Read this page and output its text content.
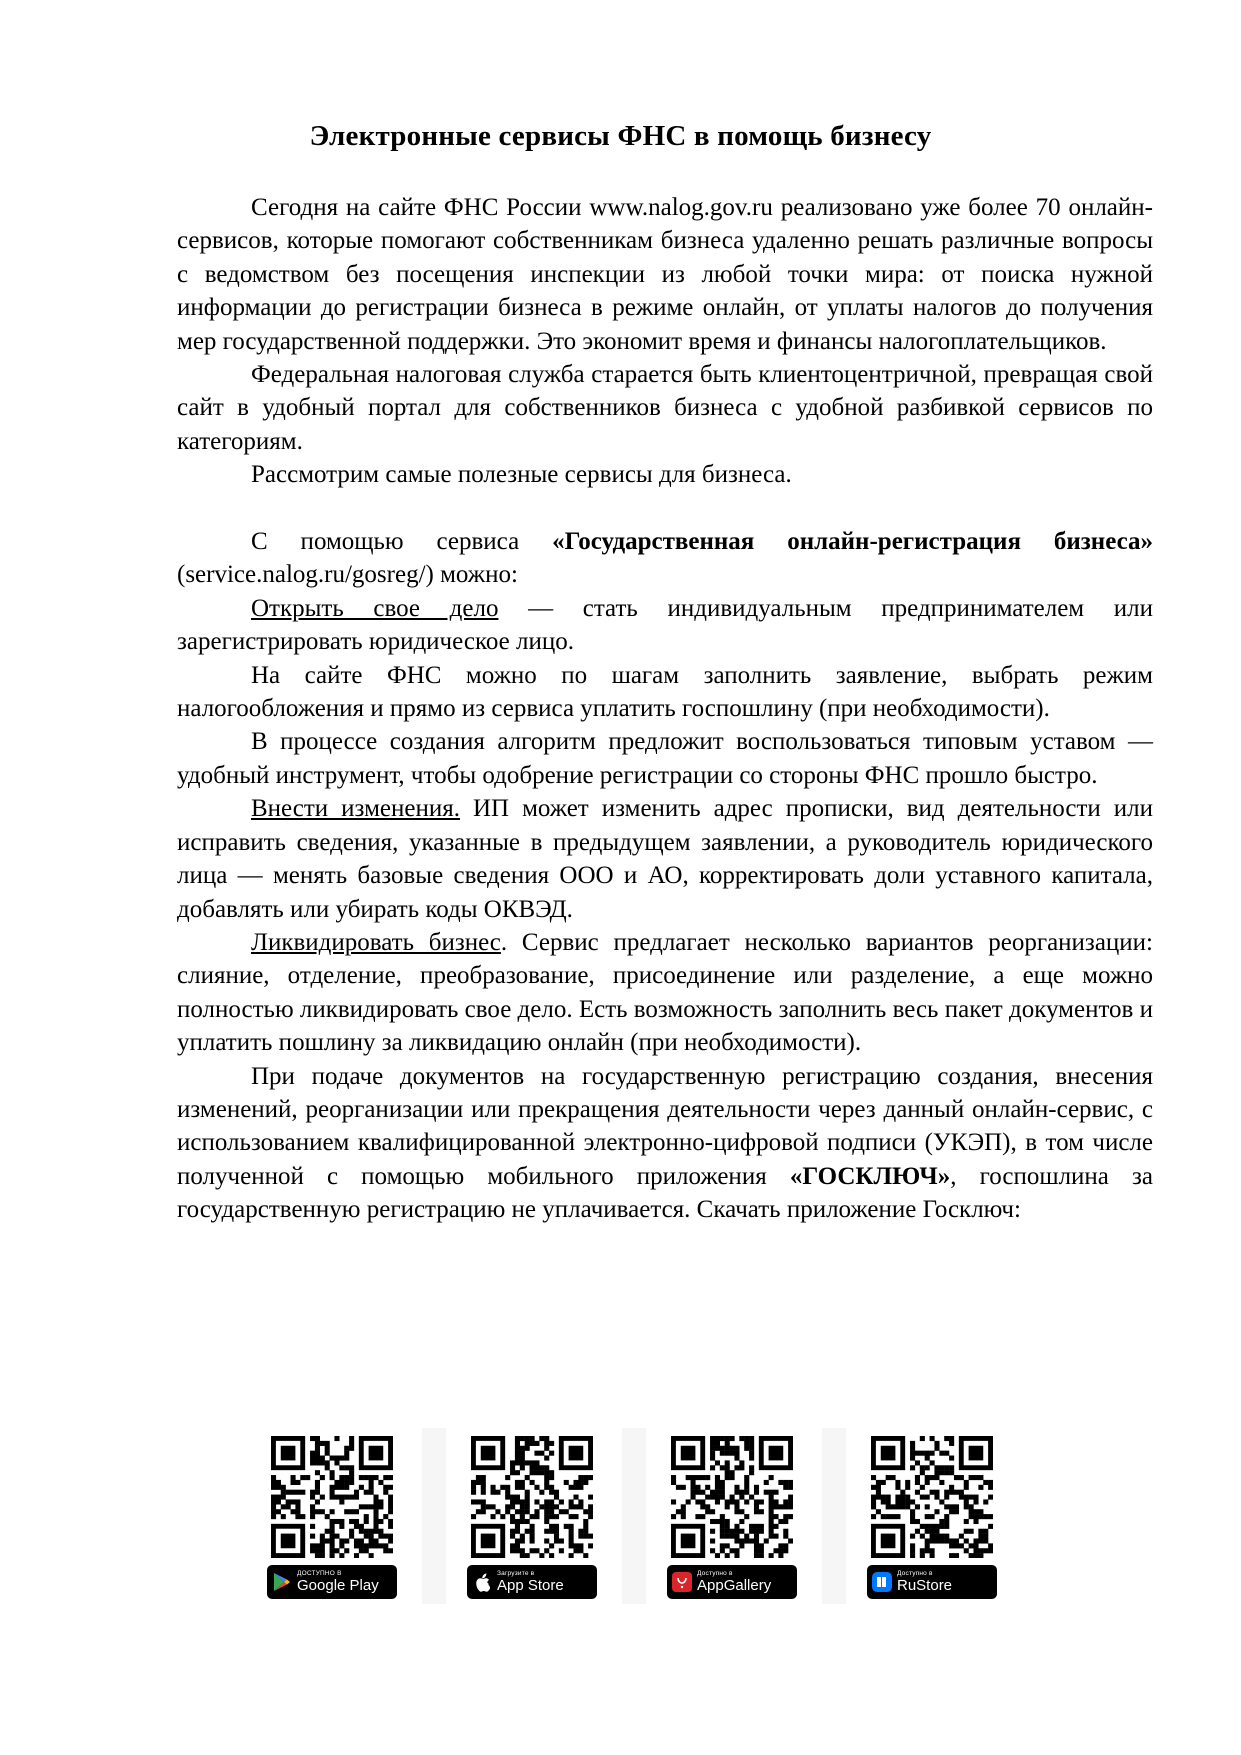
Электронные сервисы ФНС в помощь бизнесу

Сегодня на сайте ФНС России www.nalog.gov.ru реализовано уже более 70 онлайн-сервисов, которые помогают собственникам бизнеса удаленно решать различные вопросы с ведомством без посещения инспекции из любой точки мира: от поиска нужной информации до регистрации бизнеса в режиме онлайн, от уплаты налогов до получения мер государственной поддержки. Это экономит время и финансы налогоплательщиков.

Федеральная налоговая служба старается быть клиентоцентричной, превращая свой сайт в удобный портал для собственников бизнеса с удобной разбивкой сервисов по категориям.

Рассмотрим самые полезные сервисы для бизнеса.

С помощью сервиса «Государственная онлайн-регистрация бизнеса» (service.nalog.ru/gosreg/) можно:

Открыть свое дело — стать индивидуальным предпринимателем или зарегистрировать юридическое лицо.

На сайте ФНС можно по шагам заполнить заявление, выбрать режим налогообложения и прямо из сервиса уплатить госпошлину (при необходимости).

В процессе создания алгоритм предложит воспользоваться типовым уставом — удобный инструмент, чтобы одобрение регистрации со стороны ФНС прошло быстро.

Внести изменения. ИП может изменить адрес прописки, вид деятельности или исправить сведения, указанные в предыдущем заявлении, а руководитель юридического лица — менять базовые сведения ООО и АО, корректировать доли уставного капитала, добавлять или убирать коды ОКВЭД.

Ликвидировать бизнес. Сервис предлагает несколько вариантов реорганизации: слияние, отделение, преобразование, присоединение или разделение, а еще можно полностью ликвидировать свое дело. Есть возможность заполнить весь пакет документов и уплатить пошлину за ликвидацию онлайн (при необходимости).

При подаче документов на государственную регистрацию создания, внесения изменений, реорганизации или прекращения деятельности через данный онлайн-сервис, с использованием квалифицированной электронно-цифровой подписи (УКЭП), в том числе полученной с помощью мобильного приложения «ГОСКЛЮЧ», госпошлина за государственную регистрацию не уплачивается. Скачать приложение Госключ:

ДОСТУПНО В
Google Play
Загрузите в
App Store
Доступно в
AppGallery
Доступно в
RuStore
